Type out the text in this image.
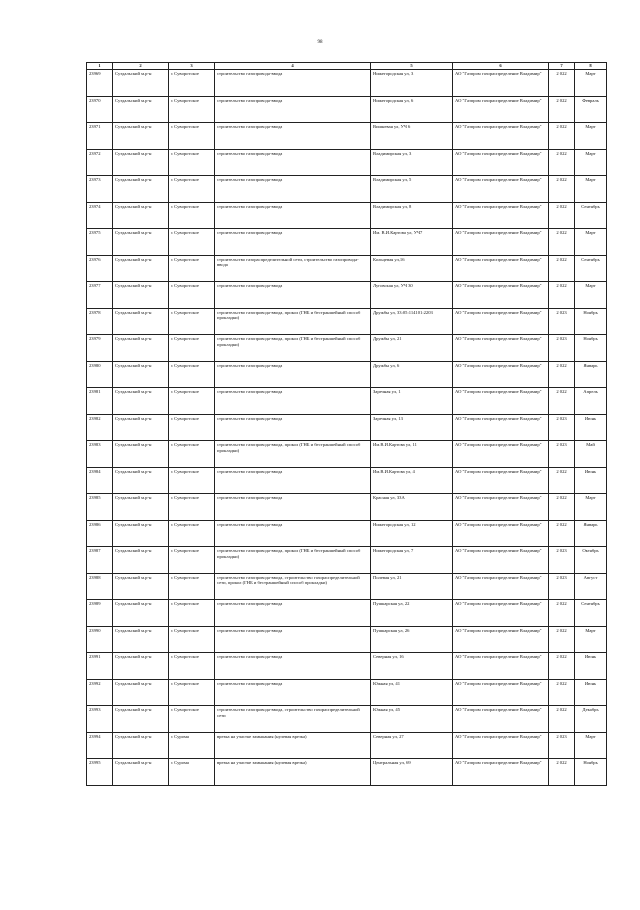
98
1	2	3	4	5	6	7	8
23969	Суздальский м.р-н	с Суворотское	строительство газопровода-ввода	Нижегородская ул, 3	АО "Газпром газораспределение Владимир"	2 022	Март
23970	Суздальский м.р-н	с Суворотское	строительство газопровода-ввода	Нижегородская ул, 6	АО "Газпром газораспределение Владимир"	2 022	Февраль
23971	Суздальский м.р-н	с Суворотское	строительство газопровода-ввода	Вишневая ул, УЧ 6	АО "Газпром газораспределение Владимир"	2 022	Март
23972	Суздальский м.р-н	с Суворотское	строительство газопровода-ввода	Владимирская ул, 3	АО "Газпром газораспределение Владимир"	2 022	Март
23973	Суздальский м.р-н	с Суворотское	строительство газопровода-ввода	Владимирская ул, 5	АО "Газпром газораспределение Владимир"	2 022	Март
23974	Суздальский м.р-н	с Суворотское	строительство газопровода-ввода	Владимирская ул, 8	АО "Газпром газораспределение Владимир"	2 022	Сентябрь
23975	Суздальский м.р-н	с Суворотское	строительство газопровода-ввода	Им. В.И.Картова ул, УЧ7	АО "Газпром газораспределение Владимир"	2 022	Март
23976	Суздальский м.р-н	с Суворотское	строительство газораспределительной сети, строительство газопровода-ввода	Кольцевая ул,16	АО "Газпром газораспределение Владимир"	2 022	Сентябрь
23977	Суздальский м.р-н	с Суворотское	строительство газопровода-ввода	Луговская ул, УЧ 30	АО "Газпром газораспределение Владимир"	2 022	Март
23978	Суздальский м.р-н	с Суворотское	строительство газопровода-ввода, прокол (ГНБ и бестраншейный способ прокладки)	Дружбы ул, 33:05:114101:2203	АО "Газпром газораспределение Владимир"	2 023	Ноябрь
23979	Суздальский м.р-н	с Суворотское	строительство газопровода-ввода, прокол (ГНБ и бестраншейный способ прокладки)	Дружбы ул, 21	АО "Газпром газораспределение Владимир"	2 023	Ноябрь
23980	Суздальский м.р-н	с Суворотское	строительство газопровода-ввода	Дружбы ул, 6	АО "Газпром газораспределение Владимир"	2 022	Январь
23981	Суздальский м.р-н	с Суворотское	строительство газопровода-ввода	Заречная ул, 1	АО "Газпром газораспределение Владимир"	2 022	Апрель
23982	Суздальский м.р-н	с Суворотское	строительство газопровода-ввода	Заречная ул, 13	АО "Газпром газораспределение Владимир"	2 023	Июнь
23983	Суздальский м.р-н	с Суворотское	строительство газопровода-ввода, прокол (ГНБ и бестраншейный способ прокладки)	Им.В.И.Картова ул, 11	АО "Газпром газораспределение Владимир"	2 023	Май
23984	Суздальский м.р-н	с Суворотское	строительство газопровода-ввода	Им.В.И.Картова ул, 4	АО "Газпром газораспределение Владимир"	2 022	Июнь
23985	Суздальский м.р-н	с Суворотское	строительство газопровода-ввода	Красная ул, 33А	АО "Газпром газораспределение Владимир"	2 022	Март
23986	Суздальский м.р-н	с Суворотское	строительство газопровода-ввода	Нижегородская ул, 12	АО "Газпром газораспределение Владимир"	2 022	Январь
23987	Суздальский м.р-н	с Суворотское	строительство газопровода-ввода, прокол (ГНБ и бестраншейный способ прокладки)	Нижегородская ул, 7	АО "Газпром газораспределение Владимир"	2 023	Октябрь
23988	Суздальский м.р-н	с Суворотское	строительство газопровода-ввода, строительство газораспределительной сети, прокол (ГНБ и бестраншейный способ прокладки)	Полевая ул, 21	АО "Газпром газораспределение Владимир"	2 023	Август
23989	Суздальский м.р-н	с Суворотское	строительство газопровода-ввода	Пушкарская ул, 22	АО "Газпром газораспределение Владимир"	2 022	Сентябрь
23990	Суздальский м.р-н	с Суворотское	строительство газопровода-ввода	Пушкарская ул, 26	АО "Газпром газораспределение Владимир"	2 022	Март
23991	Суздальский м.р-н	с Суворотское	строительство газопровода-ввода	Северная ул, 16	АО "Газпром газораспределение Владимир"	2 022	Июнь
23992	Суздальский м.р-н	с Суворотское	строительство газопровода-ввода	Южная ул, 41	АО "Газпром газораспределение Владимир"	2 022	Июнь
23993	Суздальский м.р-н	с Суворотское	строительство газопровода-ввода, строительство газораспределительной сети	Южная ул, 45	АО "Газпром газораспределение Владимир"	2 022	Декабрь
23994	Суздальский м.р-н	с Сурома	врезка на участке замыкания (нулевая врезка)	Северная ул, 27	АО "Газпром газораспределение Владимир"	2 023	Март
23995	Суздальский м.р-н	с Сурома	врезка на участке замыкания (нулевая врезка)	Центральная ул, 69	АО "Газпром газораспределение Владимир"	2 022	Ноябрь
